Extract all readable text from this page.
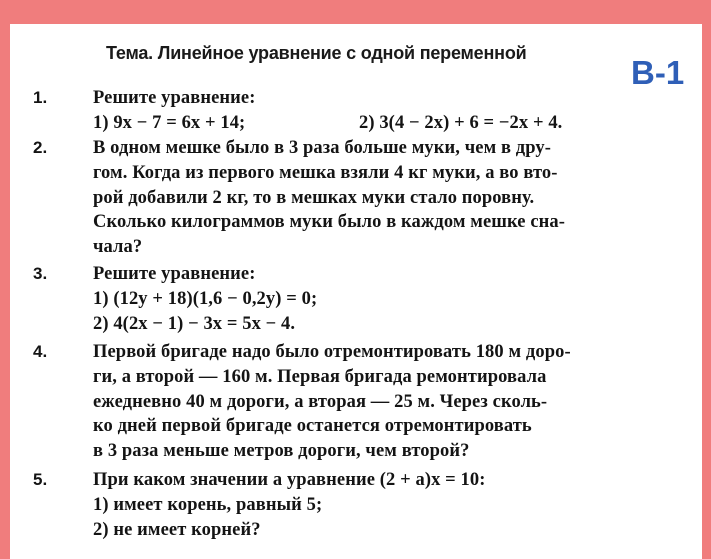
Тема. Линейное уравнение с одной переменной
В-1
1. Решите уравнение:
1) 9x − 7 = 6x + 14;	2) 3(4 − 2x) + 6 = −2x + 4.
2. В одном мешке было в 3 раза больше муки, чем в дру-
гом. Когда из первого мешка взяли 4 кг муки, а во вто-
рой добавили 2 кг, то в мешках муки стало поровну.
Сколько килограммов муки было в каждом мешке сна-
чала?
3. Решите уравнение:
1) (12y + 18)(1,6 − 0,2y) = 0;
2) 4(2x − 1) − 3x = 5x − 4.
4. Первой бригаде надо было отремонтировать 180 м доро-
ги, а второй — 160 м. Первая бригада ремонтировала
ежедневно 40 м дороги, а вторая — 25 м. Через сколь-
ко дней первой бригаде останется отремонтировать
в 3 раза меньше метров дороги, чем второй?
5. При каком значении a уравнение (2 + a)x = 10:
1) имеет корень, равный 5;
2) не имеет корней?
